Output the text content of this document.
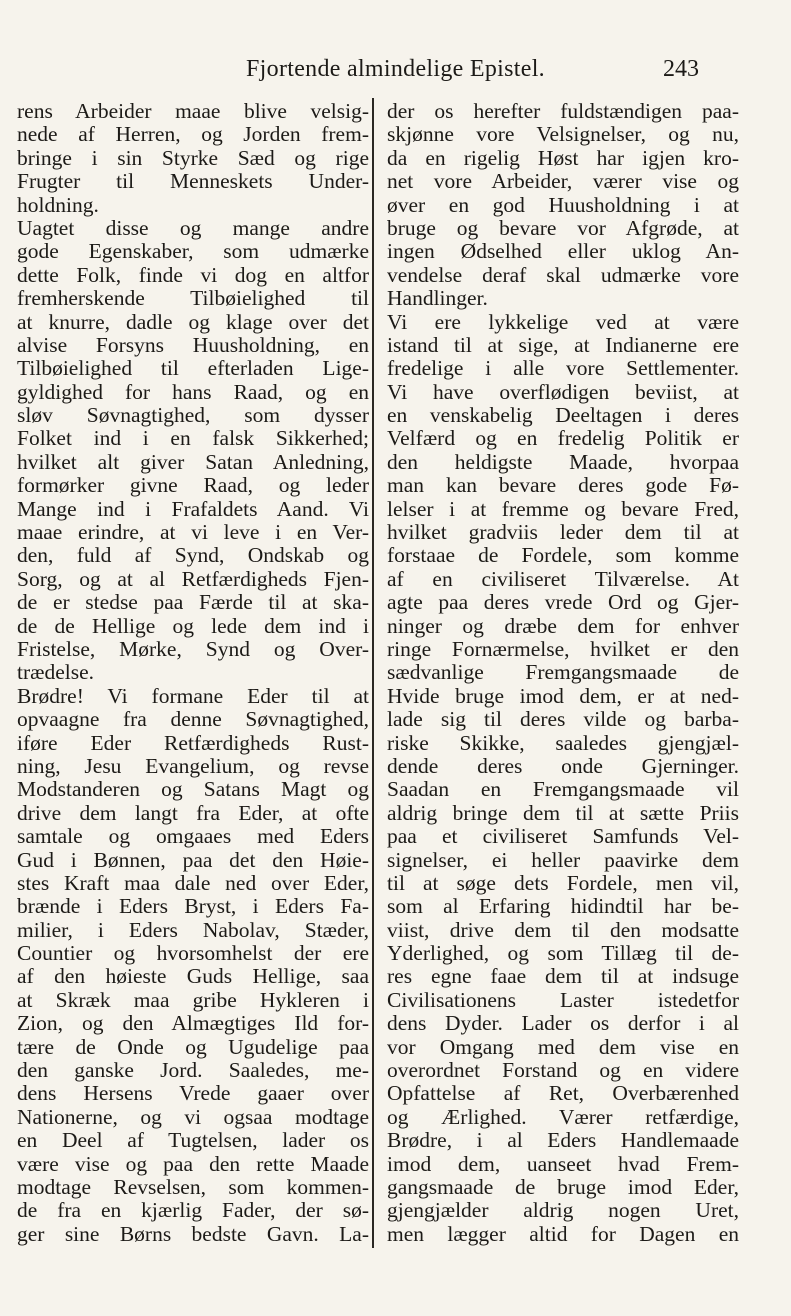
Fjortende almindelige Epistel.	243
rens Arbeider maae blive velsig-
nede af Herren, og Jorden frem-
bringe i sin Styrke Sæd og rige
Frugter til Menneskets Under-
holdning.
Uagtet disse og mange andre
gode Egenskaber, som udmærke
dette Folk, finde vi dog en altfor
fremherskende Tilbøielighed til
at knurre, dadle og klage over det
alvise Forsyns Huusholdning, en
Tilbøielighed til efterladen Lige-
gyldighed for hans Raad, og en
sløv Søvnagtighed, som dysser
Folket ind i en falsk Sikkerhed;
hvilket alt giver Satan Anledning,
formørker givne Raad, og leder
Mange ind i Frafaldets Aand. Vi
maae erindre, at vi leve i en Ver-
den, fuld af Synd, Ondskab og
Sorg, og at al Retfærdigheds Fjen-
de er stedse paa Færde til at ska-
de de Hellige og lede dem ind i
Fristelse, Mørke, Synd og Over-
trædelse.
Brødre! Vi formane Eder til at
opvaagne fra denne Søvnagtighed,
iføre Eder Retfærdigheds Rust-
ning, Jesu Evangelium, og revse
Modstanderen og Satans Magt og
drive dem langt fra Eder, at ofte
samtale og omgaaes med Eders
Gud i Bønnen, paa det den Høie-
stes Kraft maa dale ned over Eder,
brænde i Eders Bryst, i Eders Fa-
milier, i Eders Nabolav, Stæder,
Countier og hvorsomhelst der ere
af den høieste Guds Hellige, saa
at Skræk maa gribe Hykleren i
Zion, og den Almægtiges Ild for-
tære de Onde og Ugudelige paa
den ganske Jord. Saaledes, me-
dens Hersens Vrede gaaer over
Nationerne, og vi ogsaa modtage
en Deel af Tugtelsen, lader os
være vise og paa den rette Maade
modtage Revselsen, som kommen-
de fra en kjærlig Fader, der sø-
ger sine Børns bedste Gavn. La-
der os herefter fuldstændigen paa-
skjønne vore Velsignelser, og nu,
da en rigelig Høst har igjen kro-
net vore Arbeider, værer vise og
øver en god Huusholdning i at
bruge og bevare vor Afgrøde, at
ingen Ødselhed eller uklog An-
vendelse deraf skal udmærke vore
Handlinger.
Vi ere lykkelige ved at være
istand til at sige, at Indianerne ere
fredelige i alle vore Settlementer.
Vi have overflødigen beviist, at
en venskabelig Deeltagen i deres
Velfærd og en fredelig Politik er
den heldigste Maade, hvorpaa
man kan bevare deres gode Fø-
lelser i at fremme og bevare Fred,
hvilket gradviis leder dem til at
forstaae de Fordele, som komme
af en civiliseret Tilværelse. At
agte paa deres vrede Ord og Gjer-
ninger og dræbe dem for enhver
ringe Fornærmelse, hvilket er den
sædvanlige Fremgangsmaade de
Hvide bruge imod dem, er at ned-
lade sig til deres vilde og barba-
riske Skikke, saaledes gjengjæl-
dende deres onde Gjerninger.
Saadan en Fremgangsmaade vil
aldrig bringe dem til at sætte Priis
paa et civiliseret Samfunds Vel-
signelser, ei heller paavirke dem
til at søge dets Fordele, men vil,
som al Erfaring hidindtil har be-
viist, drive dem til den modsatte
Yderlighed, og som Tillæg til de-
res egne faae dem til at indsuge
Civilisationens Laster istedetfor
dens Dyder. Lader os derfor i al
vor Omgang med dem vise en
overordnet Forstand og en videre
Opfattelse af Ret, Overbærenhed
og Ærlighed. Værer retfærdige,
Brødre, i al Eders Handlemaade
imod dem, uanseet hvad Frem-
gangsmaade de bruge imod Eder,
gjengjælder aldrig nogen Uret,
men lægger altid for Dagen en
